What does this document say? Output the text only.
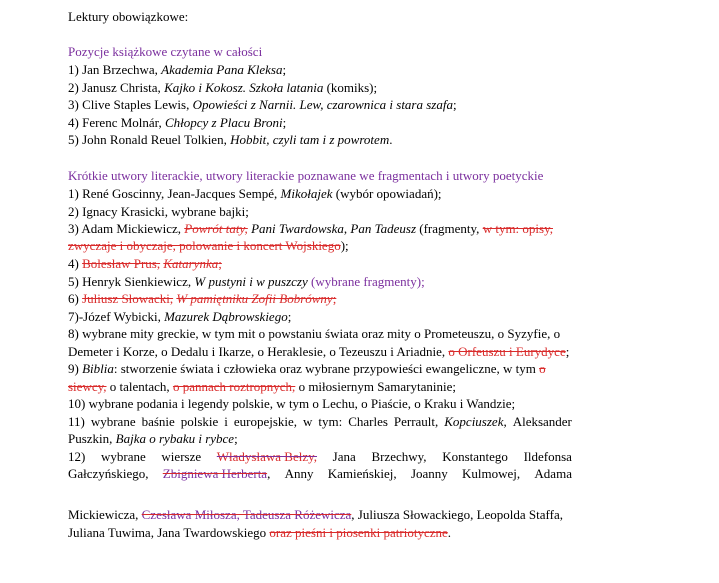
Lektury obowiązkowe:
Pozycje książkowe czytane w całości
1) Jan Brzechwa, Akademia Pana Kleksa;
2) Janusz Christa, Kajko i Kokosz. Szkoła latania (komiks);
3) Clive Staples Lewis, Opowieści z Narnii. Lew, czarownica i stara szafa;
4) Ferenc Molnár, Chłopcy z Placu Broni;
5) John Ronald Reuel Tolkien, Hobbit, czyli tam i z powrotem.
Krótkie utwory literackie, utwory literackie poznawane we fragmentach i utwory poetyckie
1) René Goscinny, Jean-Jacques Sempé, Mikołajek (wybór opowiadań);
2) Ignacy Krasicki, wybrane bajki;
3) Adam Mickiewicz, Powrót taty, Pani Twardowska, Pan Tadeusz (fragmenty, w tym: opisy,
zwyczaje i obyczaje, polowanie i koncert Wojskiego);
4) Bolesław Prus, Katarynka;
5) Henryk Sienkiewicz, W pustyni i w puszczy (wybrane fragmenty);
6) Juliusz Słowacki, W pamiętniku Zofii Bobrówny;
7)-Józef Wybicki, Mazurek Dąbrowskiego;
8) wybrane mity greckie, w tym mit o powstaniu świata oraz mity o Prometeuszu, o Syzyfie, o
Demeter i Korze, o Dedalu i Ikarze, o Heraklesie, o Tezeuszu i Ariadnie, o Orfeuszu i Eurydyce;
9) Biblia: stworzenie świata i człowieka oraz wybrane przypowieści ewangeliczne, w tym o
siewcy, o talentach, o pannach roztropnych, o miłosiernym Samarytaninie;
10) wybrane podania i legendy polskie, w tym o Lechu, o Piaście, o Kraku i Wandzie;
11) wybrane baśnie polskie i europejskie, w tym: Charles Perrault, Kopciuszek, Aleksander
Puszkin, Bajka o rybaku i rybce;
12) wybrane wiersze Władysława Bełzy, Jana Brzechwy, Konstantego Ildefonsa
Gałczyńskiego, Zbigniewa Herberta, Anny Kamieńskiej, Joanny Kulmowej, Adama
Mickiewicza, Czesława Miłosza, Tadeusza Różewicza, Juliusza Słowackiego, Leopolda Staffa,
Juliana Tuwima, Jana Twardowskiego oraz pieśni i piosenki patriotyczne.
